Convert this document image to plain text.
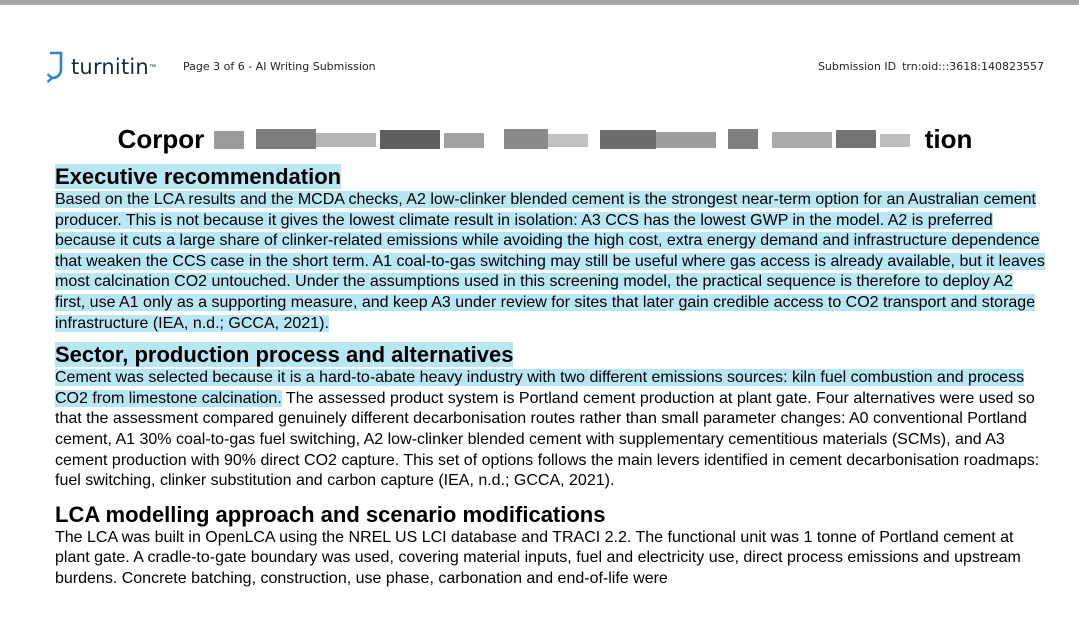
turnitin ™ Page 3 of 6 - AI Writing Submission	Submission ID trn:oid:::3618:140823557
Corpor	tion
Executive recommendation

Based on the LCA results and the MCDA checks, A2 low-clinker blended cement is the strongest near-term option for an Australian cement producer. This is not because it gives the lowest climate result in isolation: A3 CCS has the lowest GWP in the model. A2 is preferred because it cuts a large share of clinker-related emissions while avoiding the high cost, extra energy demand and infrastructure dependence that weaken the CCS case in the short term. A1 coal-to-gas switching may still be useful where gas access is already available, but it leaves most calcination CO2 untouched. Under the assumptions used in this screening model, the practical sequence is therefore to deploy A2 first, use A1 only as a supporting measure, and keep A3 under review for sites that later gain credible access to CO2 transport and storage infrastructure (IEA, n.d.; GCCA, 2021).

Sector, production process and alternatives

Cement was selected because it is a hard-to-abate heavy industry with two different emissions sources: kiln fuel combustion and process CO2 from limestone calcination. The assessed product system is Portland cement production at plant gate. Four alternatives were used so that the assessment compared genuinely different decarbonisation routes rather than small parameter changes: A0 conventional Portland cement, A1 30% coal-to-gas fuel switching, A2 low-clinker blended cement with supplementary cementitious materials (SCMs), and A3 cement production with 90% direct CO2 capture. This set of options follows the main levers identified in cement decarbonisation roadmaps: fuel switching, clinker substitution and carbon capture (IEA, n.d.; GCCA, 2021).

LCA modelling approach and scenario modifications

The LCA was built in OpenLCA using the NREL US LCI database and TRACI 2.2. The functional unit was 1 tonne of Portland cement at plant gate. A cradle-to-gate boundary was used, covering material inputs, fuel and electricity use, direct process emissions and upstream burdens. Concrete batching, construction, use phase, carbonation and end-of-life were
